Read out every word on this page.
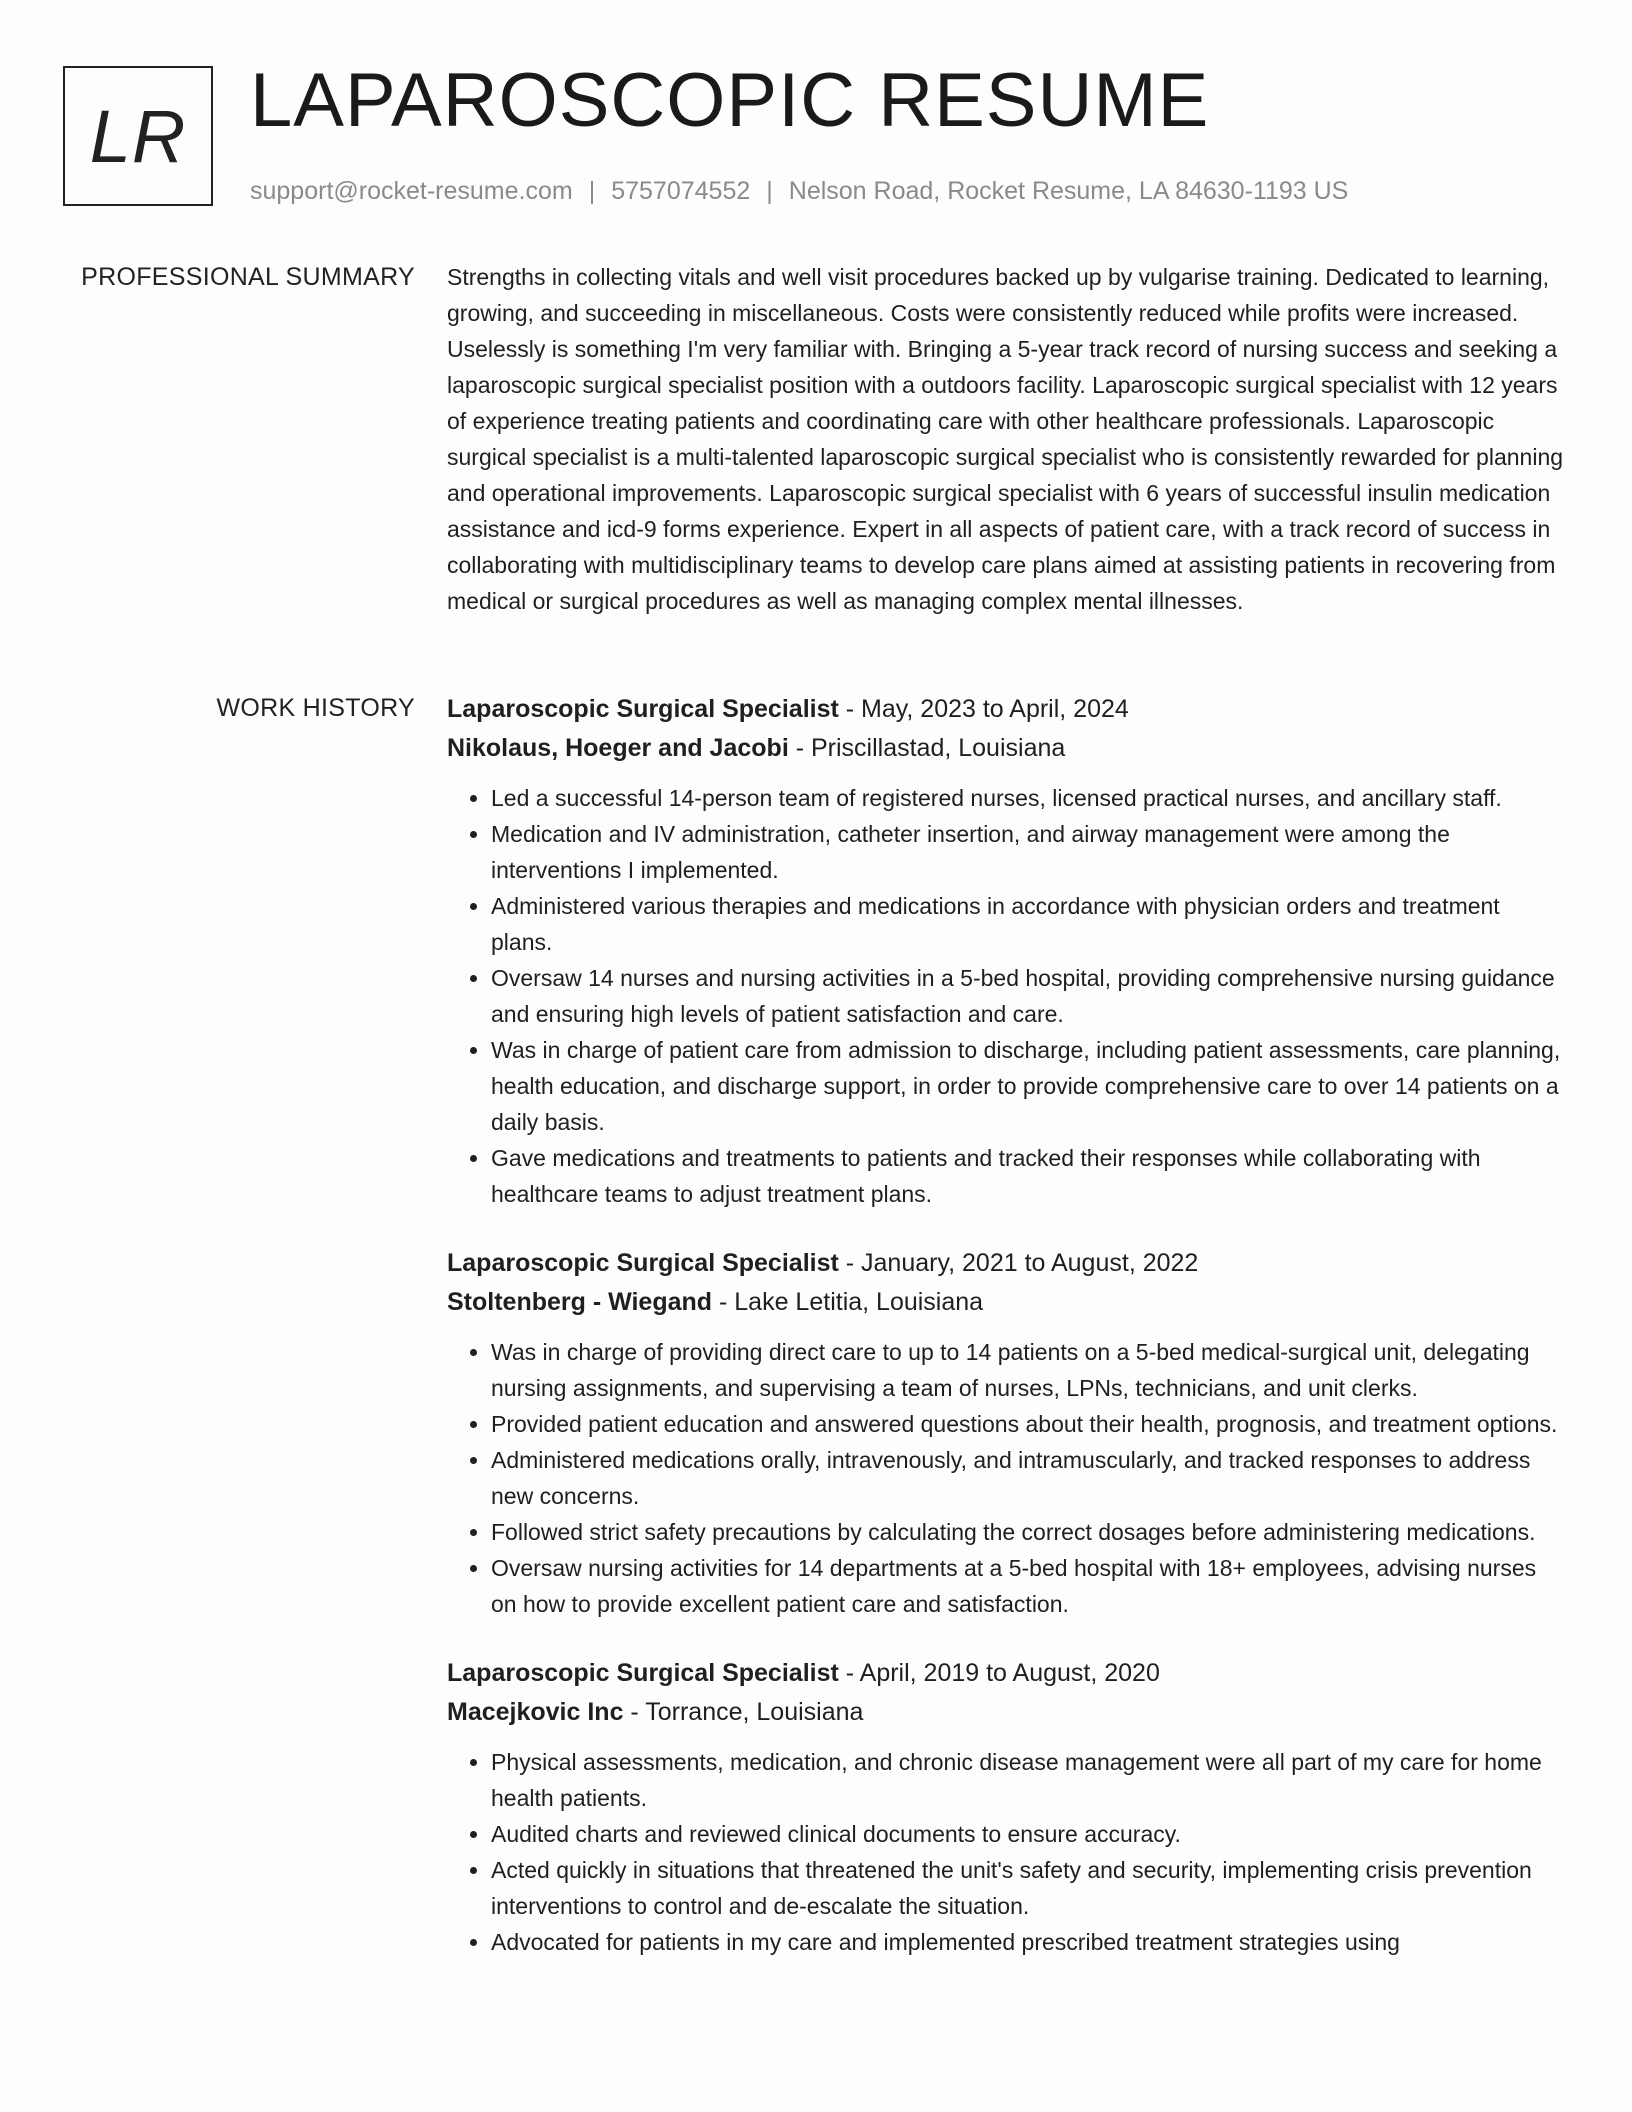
LR LAPAROSCOPIC RESUME
support@rocket-resume.com | 5757074552 | Nelson Road, Rocket Resume, LA 84630-1193 US
PROFESSIONAL SUMMARY Strengths in collecting vitals and well visit procedures backed up by vulgarise training. Dedicated to learning, growing, and succeeding in miscellaneous. Costs were consistently reduced while profits were increased. Uselessly is something I'm very familiar with. Bringing a 5-year track record of nursing success and seeking a laparoscopic surgical specialist position with a outdoors facility. Laparoscopic surgical specialist with 12 years of experience treating patients and coordinating care with other healthcare professionals. Laparoscopic surgical specialist is a multi-talented laparoscopic surgical specialist who is consistently rewarded for planning and operational improvements. Laparoscopic surgical specialist with 6 years of successful insulin medication assistance and icd-9 forms experience. Expert in all aspects of patient care, with a track record of success in collaborating with multidisciplinary teams to develop care plans aimed at assisting patients in recovering from medical or surgical procedures as well as managing complex mental illnesses.

WORK HISTORY Laparoscopic Surgical Specialist - May, 2023 to April, 2024

Nikolaus, Hoeger and Jacobi - Priscillastad, Louisiana

• Led a successful 14-person team of registered nurses, licensed practical nurses, and ancillary staff.
• Medication and IV administration, catheter insertion, and airway management were among the interventions I implemented.
• Administered various therapies and medications in accordance with physician orders and treatment plans.
• Oversaw 14 nurses and nursing activities in a 5-bed hospital, providing comprehensive nursing guidance and ensuring high levels of patient satisfaction and care.
• Was in charge of patient care from admission to discharge, including patient assessments, care planning, health education, and discharge support, in order to provide comprehensive care to over 14 patients on a daily basis.
• Gave medications and treatments to patients and tracked their responses while collaborating with healthcare teams to adjust treatment plans.

Laparoscopic Surgical Specialist - January, 2021 to August, 2022

Stoltenberg - Wiegand - Lake Letitia, Louisiana

• Was in charge of providing direct care to up to 14 patients on a 5-bed medical-surgical unit, delegating nursing assignments, and supervising a team of nurses, LPNs, technicians, and unit clerks.
• Provided patient education and answered questions about their health, prognosis, and treatment options.
• Administered medications orally, intravenously, and intramuscularly, and tracked responses to address new concerns.
• Followed strict safety precautions by calculating the correct dosages before administering medications.
• Oversaw nursing activities for 14 departments at a 5-bed hospital with 18+ employees, advising nurses on how to provide excellent patient care and satisfaction.

Laparoscopic Surgical Specialist - April, 2019 to August, 2020

Macejkovic Inc - Torrance, Louisiana

• Physical assessments, medication, and chronic disease management were all part of my care for home health patients.
• Audited charts and reviewed clinical documents to ensure accuracy.
• Acted quickly in situations that threatened the unit's safety and security, implementing crisis prevention interventions to control and de-escalate the situation.
• Advocated for patients in my care and implemented prescribed treatment strategies using
